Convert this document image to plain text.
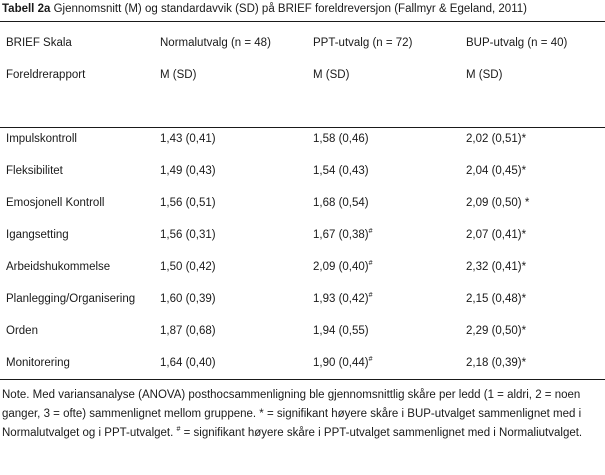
Tabell 2a Gjennomsnitt (M) og standardavvik (SD) på BRIEF foreldreversjon (Fallmyr & Egeland, 2011)
BRIEF Skala	Normalutvalg (n = 48)	PPT-utvalg (n = 72)	BUP-utvalg (n = 40)
Foreldrerapport	M (SD)	M (SD)	M (SD)
Impulskontroll	1,43 (0,41)	1,58 (0,46)	2,02 (0,51)*
Fleksibilitet	1,49 (0,43)	1,54 (0,43)	2,04 (0,45)*
Emosjonell Kontroll	1,56 (0,51)	1,68 (0,54)	2,09 (0,50) *
Igangsetting	1,56 (0,31)	1,67 (0,38)#	2,07 (0,41)*
Arbeidshukommelse	1,50 (0,42)	2,09 (0,40)#	2,32 (0,41)*
Planlegging/Organisering 1,60 (0,39)	1,93 (0,42)#	2,15 (0,48)*
Orden	1,87 (0,68)	1,94 (0,55)	2,29 (0,50)*
Monitorering	1,64 (0,40)	1,90 (0,44)#	2,18 (0,39)*
Note. Med variansanalyse (ANOVA) posthocsammenligning ble gjennomsnittlig skåre per ledd (1 = aldri, 2 = noen ganger, 3 = ofte) sammenlignet mellom gruppene. * = signifikant høyere skåre i BUP-utvalget sammenlignet med i Normalutvalget og i PPT-utvalget. # = signifikant høyere skåre i PPT-utvalget sammenlignet med i Normaliutvalget.
